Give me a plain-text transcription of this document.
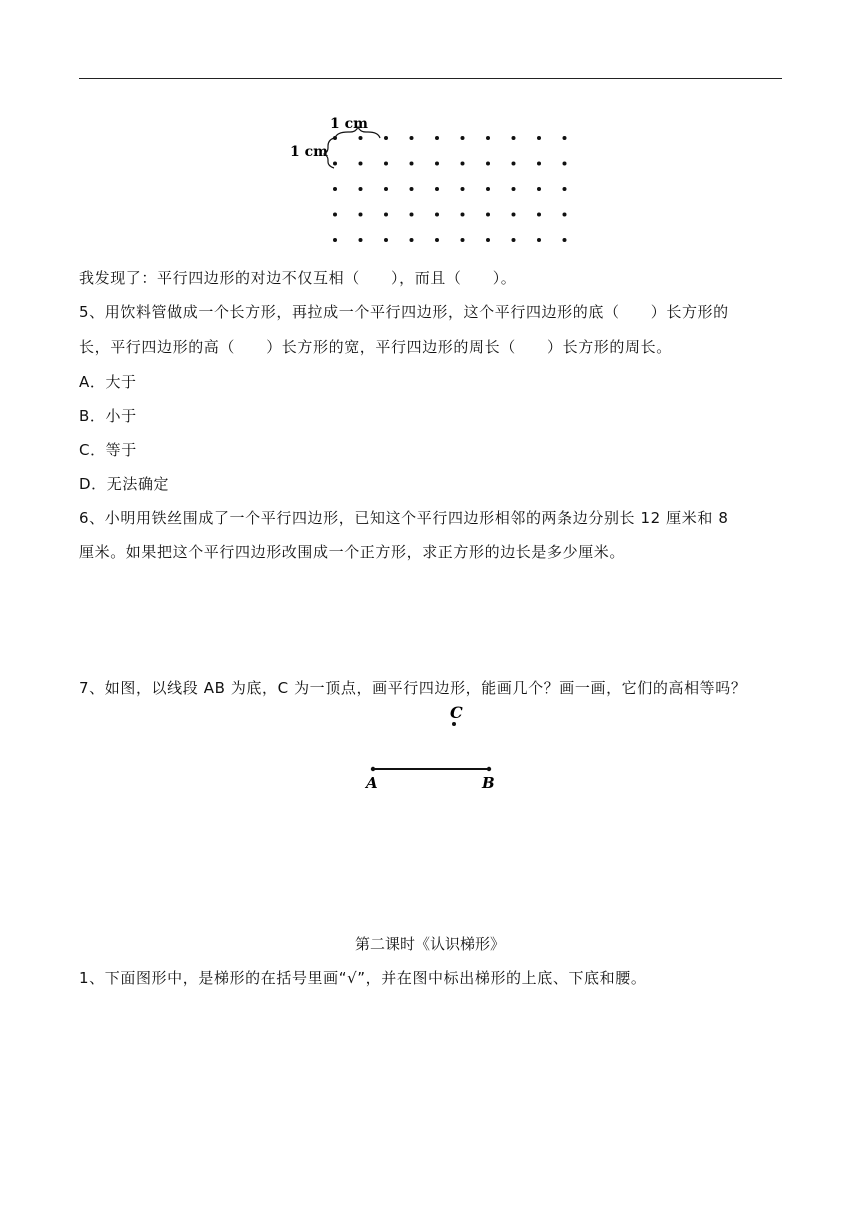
1 cm
1 cm
我发现了：平行四边形的对边不仅互相（　　），而且（　　）。
5、用饮料管做成一个长方形，再拉成一个平行四边形，这个平行四边形的底（　　）长方形的
长，平行四边形的高（　　）长方形的宽，平行四边形的周长（　　）长方形的周长。
A．大于
B．小于
C．等于
D．无法确定
6、小明用铁丝围成了一个平行四边形，已知这个平行四边形相邻的两条边分别长 12 厘米和 8
厘米。如果把这个平行四边形改围成一个正方形，求正方形的边长是多少厘米。
7、如图，以线段 AB 为底，C 为一顶点，画平行四边形，能画几个？画一画，它们的高相等吗？
C
A	B
第二课时《认识梯形》
1、下面图形中，是梯形的在括号里画“√”，并在图中标出梯形的上底、下底和腰。
